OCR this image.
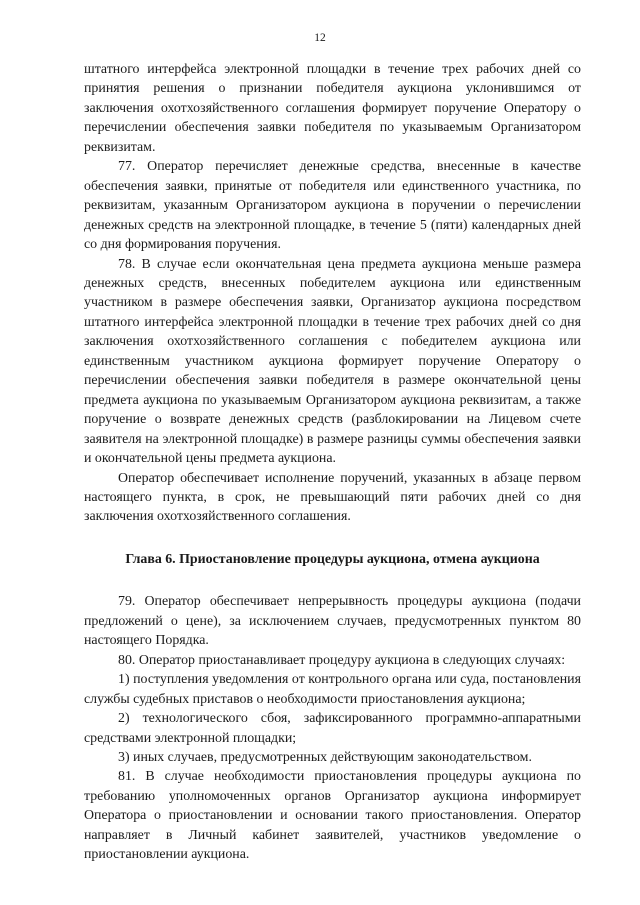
12

штатного интерфейса электронной площадки в течение трех рабочих дней со принятия решения о признании победителя аукциона уклонившимся от заключения охотхозяйственного соглашения формирует поручение Оператору о перечислении обеспечения заявки победителя по указываемым Организатором реквизитам.

77. Оператор перечисляет денежные средства, внесенные в качестве обеспечения заявки, принятые от победителя или единственного участника, по реквизитам, указанным Организатором аукциона в поручении о перечислении денежных средств на электронной площадке, в течение 5 (пяти) календарных дней со дня формирования поручения.

78. В случае если окончательная цена предмета аукциона меньше размера денежных средств, внесенных победителем аукциона или единственным участником в размере обеспечения заявки, Организатор аукциона посредством штатного интерфейса электронной площадки в течение трех рабочих дней со дня заключения охотхозяйственного соглашения с победителем аукциона или единственным участником аукциона формирует поручение Оператору о перечислении обеспечения заявки победителя в размере окончательной цены предмета аукциона по указываемым Организатором аукциона реквизитам, а также поручение о возврате денежных средств (разблокировании на Лицевом счете заявителя на электронной площадке) в размере разницы суммы обеспечения заявки и окончательной цены предмета аукциона.

Оператор обеспечивает исполнение поручений, указанных в абзаце первом настоящего пункта, в срок, не превышающий пяти рабочих дней со дня заключения охотхозяйственного соглашения.

Глава 6. Приостановление процедуры аукциона, отмена аукциона

79. Оператор обеспечивает непрерывность процедуры аукциона (подачи предложений о цене), за исключением случаев, предусмотренных пунктом 80 настоящего Порядка.

80. Оператор приостанавливает процедуру аукциона в следующих случаях:

1) поступления уведомления от контрольного органа или суда, постановления службы судебных приставов о необходимости приостановления аукциона;

2) технологического сбоя, зафиксированного программно-аппаратными средствами электронной площадки;

3) иных случаев, предусмотренных действующим законодательством.

81. В случае необходимости приостановления процедуры аукциона по требованию уполномоченных органов Организатор аукциона информирует Оператора о приостановлении и основании такого приостановления. Оператор направляет в Личный кабинет заявителей, участников уведомление о приостановлении аукциона.
